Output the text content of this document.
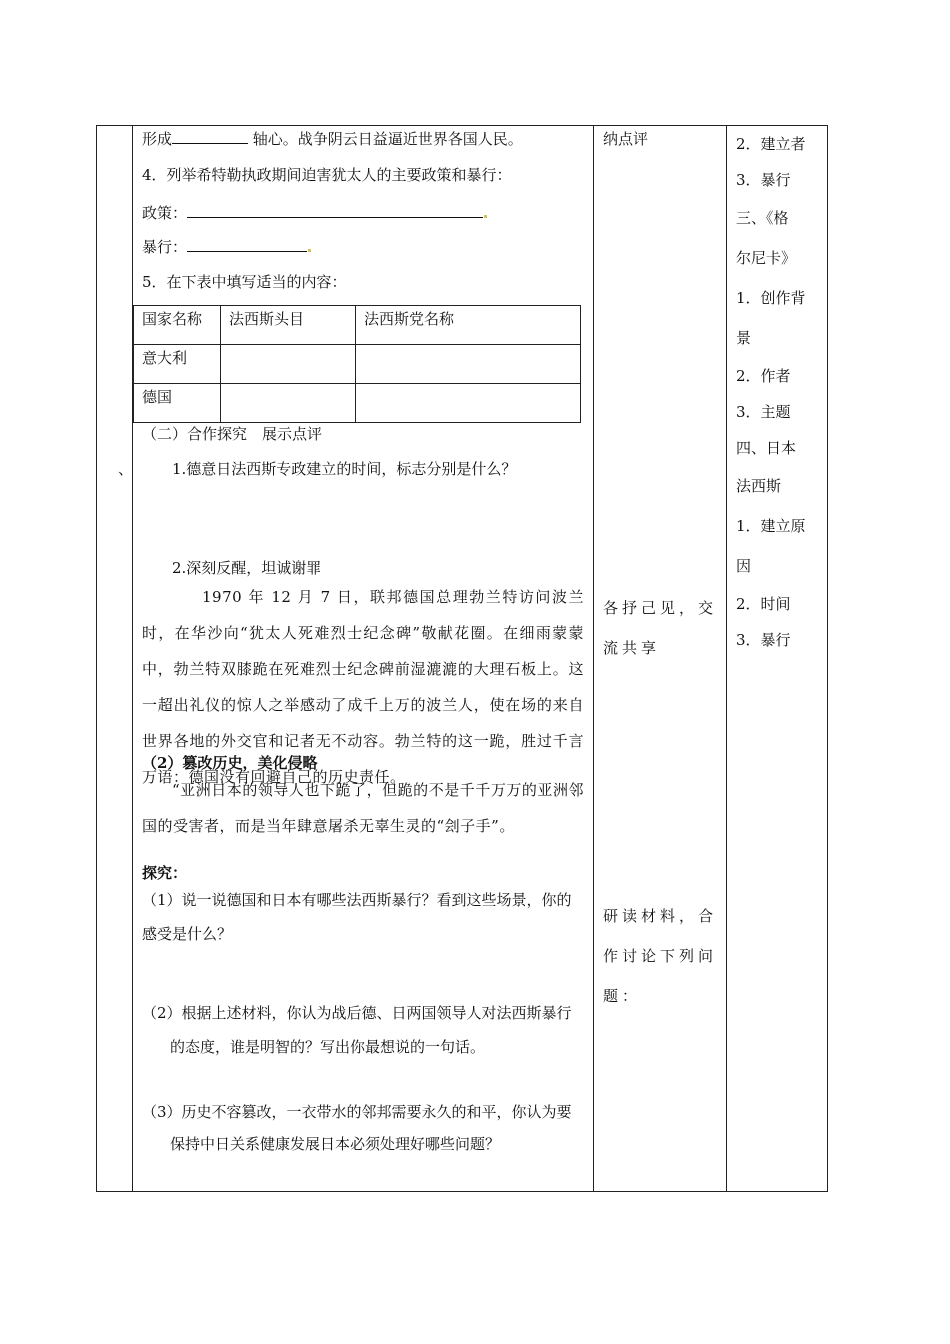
形成	轴心。战争阴云日益逼近世界各国人民。
4．列举希特勒执政期间迫害犹太人的主要政策和暴行：
政策：
暴行：
5．在下表中填写适当的内容：
国家名称	法西斯头目	法西斯党名称
意大利		
德国		
（二）合作探究　展示点评
、	1.德意日法西斯专政建立的时间，标志分别是什么？
2.深刻反醒，坦诚谢罪
1970 年 12 月 7 日，联邦德国总理勃兰特访问波兰时，在华沙向“犹太人死难烈士纪念碑”敬献花圈。在细雨蒙蒙中，勃兰特双膝跪在死难烈士纪念碑前湿漉漉的大理石板上。这一超出礼仪的惊人之举感动了成千上万的波兰人，使在场的来自世界各地的外交官和记者无不动容。勃兰特的这一跪，胜过千言万语：德国没有回避自己的历史责任。
（2）篡改历史，美化侵略
“亚洲日本的领导人也下跪了，但跪的不是千千万万的亚洲邻国的受害者，而是当年肆意屠杀无辜生灵的“刽子手”。
探究：
（1）说一说德国和日本有哪些法西斯暴行？看到这些场景，你的感受是什么？
（2）根据上述材料，你认为战后德、日两国领导人对法西斯暴行的态度，谁是明智的？写出你最想说的一句话。
（3）历史不容篡改，一衣带水的邻邦需要永久的和平，你认为要保持中日关系健康发展日本必须处理好哪些问题？
纳点评
各抒己见，交流共享
研读材料，合作讨论下列问题：
2．建立者
3．暴行
三、《格
尔尼卡》
1．创作背
景
2．作者
3．主题
四、日本
法西斯
1．建立原
因
2．时间
3．暴行
